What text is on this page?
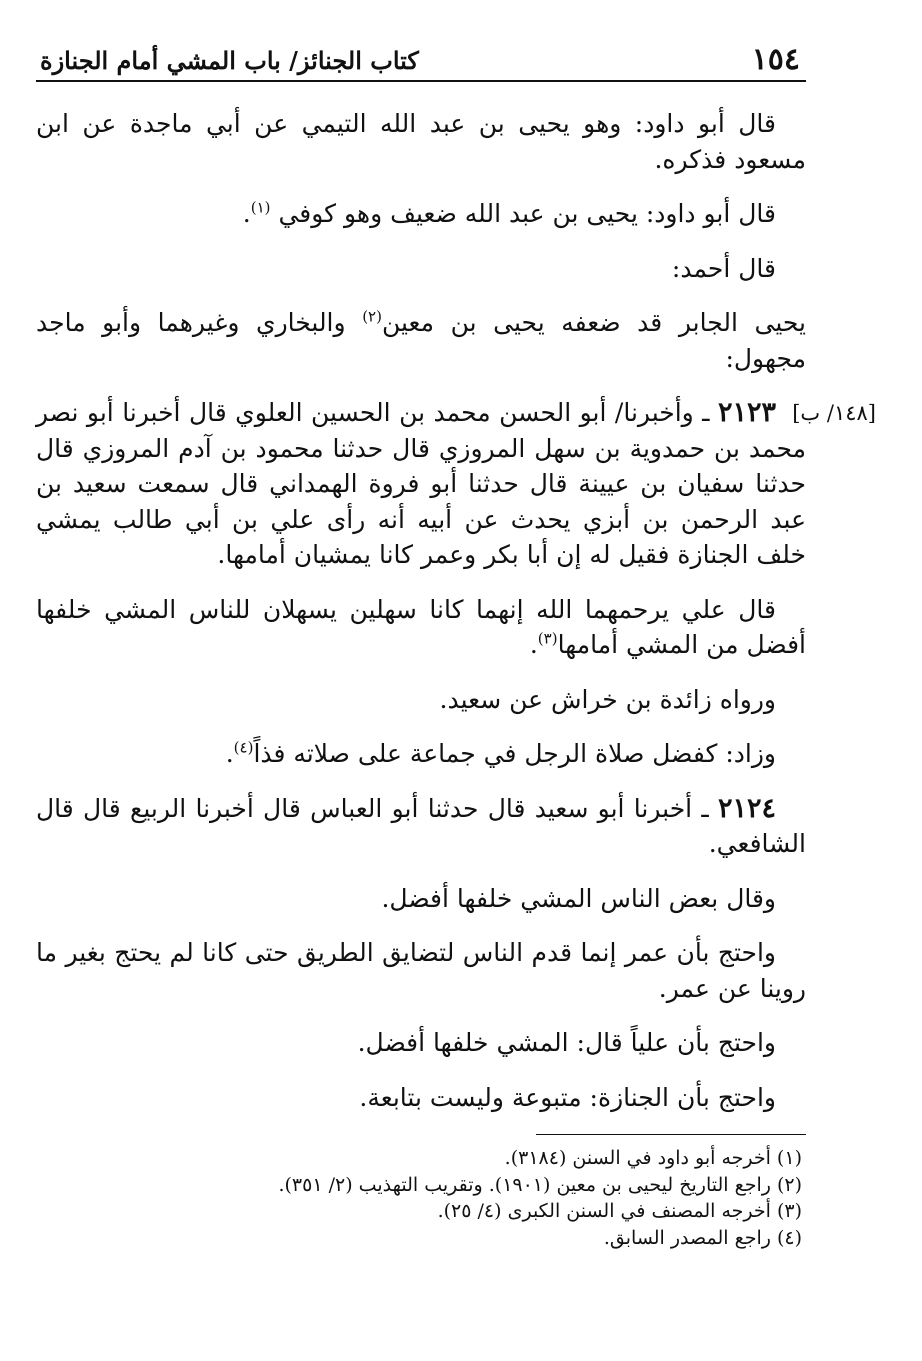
١٥٤
كتاب الجنائز/ باب المشي أمام الجنازة

قال أبو داود: وهو يحيى بن عبد الله التيمي عن أبي ماجدة عن ابن مسعود فذكره.

قال أبو داود: يحيى بن عبد الله ضعيف وهو كوفي $^{(١)}$.

قال أحمد:

يحيى الجابر قد ضعفه يحيى بن معين$^{(٢)}$ والبخاري وغيرهما وأبو ماجد مجهول:

[١٤٨/ ب]
٢١٢٣ ـ وأخبرنا/ أبو الحسن محمد بن الحسين العلوي قال أخبرنا أبو نصر محمد بن حمدوية بن سهل المروزي قال حدثنا محمود بن آدم المروزي قال حدثنا سفيان بن عيينة قال حدثنا أبو فروة الهمداني قال سمعت سعيد بن عبد الرحمن بن أبزي يحدث عن أبيه أنه رأى علي بن أبي طالب يمشي خلف الجنازة فقيل له إن أبا بكر وعمر كانا يمشيان أمامها.

قال علي يرحمهما الله إنهما كانا سهلين يسهلان للناس المشي خلفها أفضل من المشي أمامها$^{(٣)}$.

ورواه زائدة بن خراش عن سعيد.

وزاد: كفضل صلاة الرجل في جماعة على صلاته فذاً$^{(٤)}$.

٢١٢٤ ـ أخبرنا أبو سعيد قال حدثنا أبو العباس قال أخبرنا الربيع قال قال الشافعي.

وقال بعض الناس المشي خلفها أفضل.

واحتج بأن عمر إنما قدم الناس لتضايق الطريق حتى كانا لم يحتج بغير ما روينا عن عمر.

واحتج بأن علياً قال: المشي خلفها أفضل.

واحتج بأن الجنازة: متبوعة وليست بتابعة.

(١) أخرجه أبو داود في السنن (٣١٨٤).

(٢) راجع التاريخ ليحيى بن معين (١٩٠١). وتقريب التهذيب (٢/ ٣٥١).

(٣) أخرجه المصنف في السنن الكبرى (٤/ ٢٥).

(٤) راجع المصدر السابق.
